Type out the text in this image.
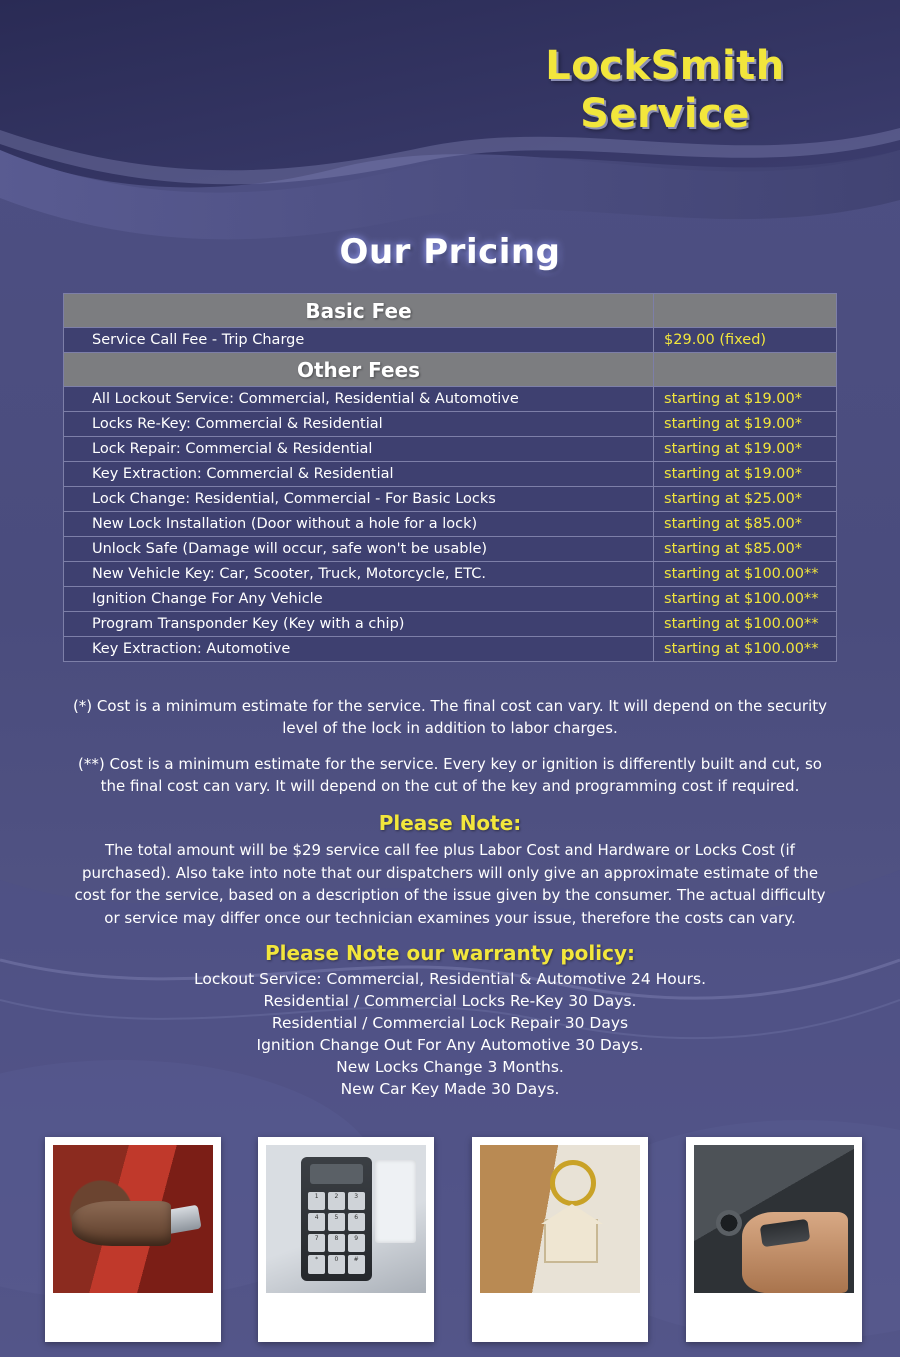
LockSmith
Service
Our Pricing
Basic Fee	
Service Call Fee - Trip Charge	$29.00 (fixed)
Other Fees	
All Lockout Service: Commercial, Residential & Automotive	starting at $19.00*
Locks Re-Key: Commercial & Residential	starting at $19.00*
Lock Repair: Commercial & Residential	starting at $19.00*
Key Extraction: Commercial & Residential	starting at $19.00*
Lock Change: Residential, Commercial - For Basic Locks	starting at $25.00*
New Lock Installation (Door without a hole for a lock)	starting at $85.00*
Unlock Safe (Damage will occur, safe won't be usable)	starting at $85.00*
New Vehicle Key: Car, Scooter, Truck, Motorcycle, ETC.	starting at $100.00**
Ignition Change For Any Vehicle	starting at $100.00**
Program Transponder Key (Key with a chip)	starting at $100.00**
Key Extraction: Automotive	starting at $100.00**
(*) Cost is a minimum estimate for the service. The final cost can vary. It will depend on the security level of the lock in addition to labor charges.
(**) Cost is a minimum estimate for the service. Every key or ignition is differently built and cut, so the final cost can vary. It will depend on the cut of the key and programming cost if required.
Please Note:
The total amount will be $29 service call fee plus Labor Cost and Hardware or Locks Cost (if purchased). Also take into note that our dispatchers will only give an approximate estimate of the cost for the service, based on a description of the issue given by the consumer. The actual difficulty or service may differ once our technician examines your issue, therefore the costs can vary.
Please Note our warranty policy:
Lockout Service: Commercial, Residential & Automotive 24 Hours.
Residential / Commercial Locks Re-Key 30 Days.
Residential / Commercial Lock Repair 30 Days
Ignition Change Out For Any Automotive 30 Days.
New Locks Change 3 Months.
New Car Key Made 30 Days.
1	2	3
4	5	6
7	8	9
*	0	#
